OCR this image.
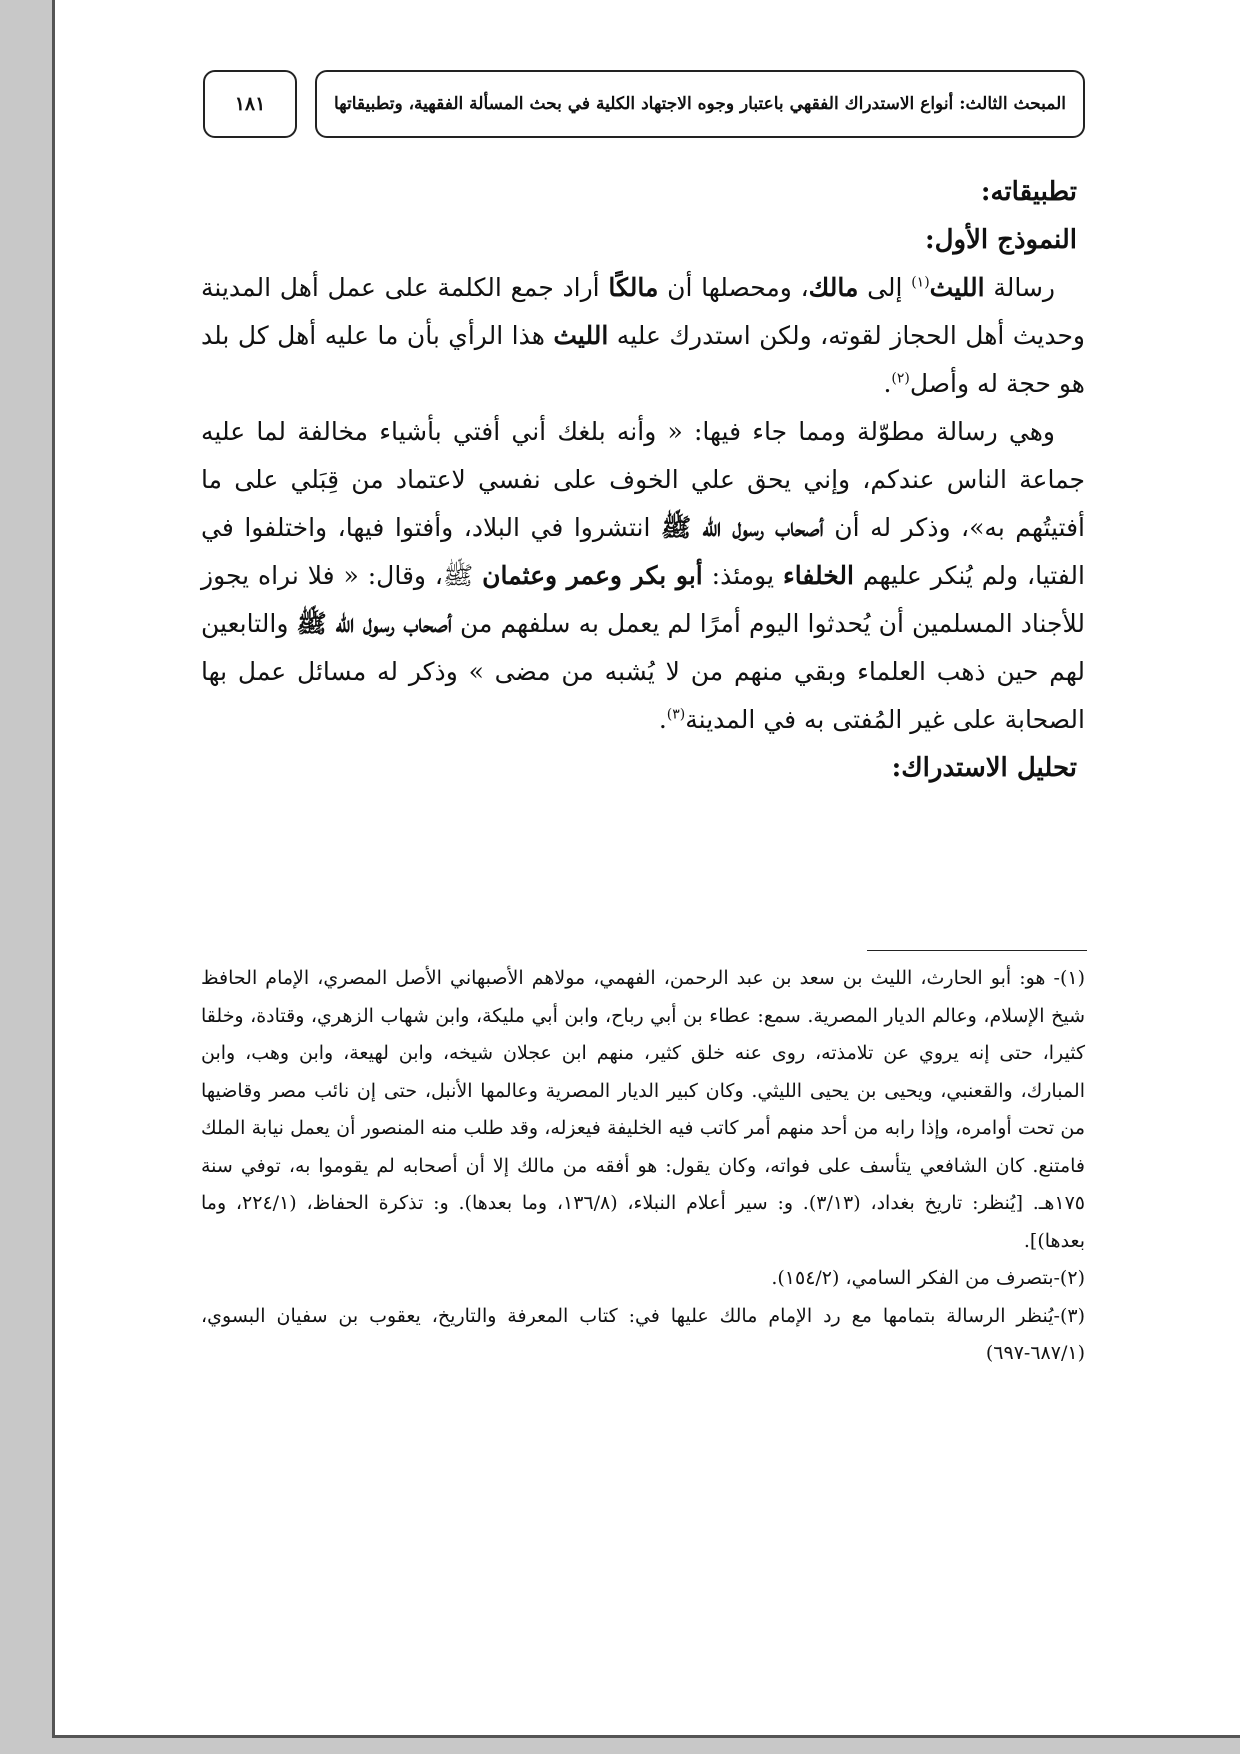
١٨١	المبحث الثالث: أنواع الاستدراك الفقهي باعتبار وجوه الاجتهاد الكلية في بحث المسألة الفقهية، وتطبيقاتها

تطبيقاته:

النموذج الأول:

رسالة الليث$^{(١)}$ إلى مالك، ومحصلها أن مالكًا أراد جمع الكلمة على عمل أهل المدينة وحديث أهل الحجاز لقوته، ولكن استدرك عليه الليث هذا الرأي بأن ما عليه أهل كل بلد هو حجة له وأصل$^{(٢)}$.

وهي رسالة مطوّلة ومما جاء فيها: « وأنه بلغك أني أفتي بأشياء مخالفة لما عليه جماعة الناس عندكم، وإني يحق علي الخوف على نفسي لاعتماد من قِبَلي على ما أفتيتُهم به»، وذكر له أن أصحاب رسول الله ﷺ انتشروا في البلاد، وأفتوا فيها، واختلفوا في الفتيا، ولم يُنكر عليهم الخلفاء يومئذ: أبو بكر وعمر وعثمان ﷺ، وقال: « فلا نراه يجوز للأجناد المسلمين أن يُحدثوا اليوم أمرًا لم يعمل به سلفهم من أصحاب رسول الله ﷺ والتابعين لهم حين ذهب العلماء وبقي منهم من لا يُشبه من مضى » وذكر له مسائل عمل بها الصحابة على غير المُفتى به في المدينة$^{(٣)}$.

تحليل الاستدراك:

(١)- هو: أبو الحارث، الليث بن سعد بن عبد الرحمن، الفهمي، مولاهم الأصبهاني الأصل المصري، الإمام الحافظ شيخ الإسلام، وعالم الديار المصرية. سمع: عطاء بن أبي رباح، وابن أبي مليكة، وابن شهاب الزهري، وقتادة، وخلقا كثيرا، حتى إنه يروي عن تلامذته، روى عنه خلق كثير، منهم ابن عجلان شيخه، وابن لهيعة، وابن وهب، وابن المبارك، والقعنبي، ويحيى بن يحيى الليثي. وكان كبير الديار المصرية وعالمها الأنبل، حتى إن نائب مصر وقاضيها من تحت أوامره، وإذا رابه من أحد منهم أمر كاتب فيه الخليفة فيعزله، وقد طلب منه المنصور أن يعمل نيابة الملك فامتنع. كان الشافعي يتأسف على فواته، وكان يقول: هو أفقه من مالك إلا أن أصحابه لم يقوموا به، توفي سنة ١٧٥هـ. [يُنظر: تاريخ بغداد، (٣/١٣). و: سير أعلام النبلاء، (١٣٦/٨، وما بعدها). و: تذكرة الحفاظ، (٢٢٤/١، وما بعدها)].

(٢)-بتصرف من الفكر السامي، (١٥٤/٢).

(٣)-يُنظر الرسالة بتمامها مع رد الإمام مالك عليها في: كتاب المعرفة والتاريخ، يعقوب بن سفيان البسوي، (٦٨٧/١-٦٩٧)
